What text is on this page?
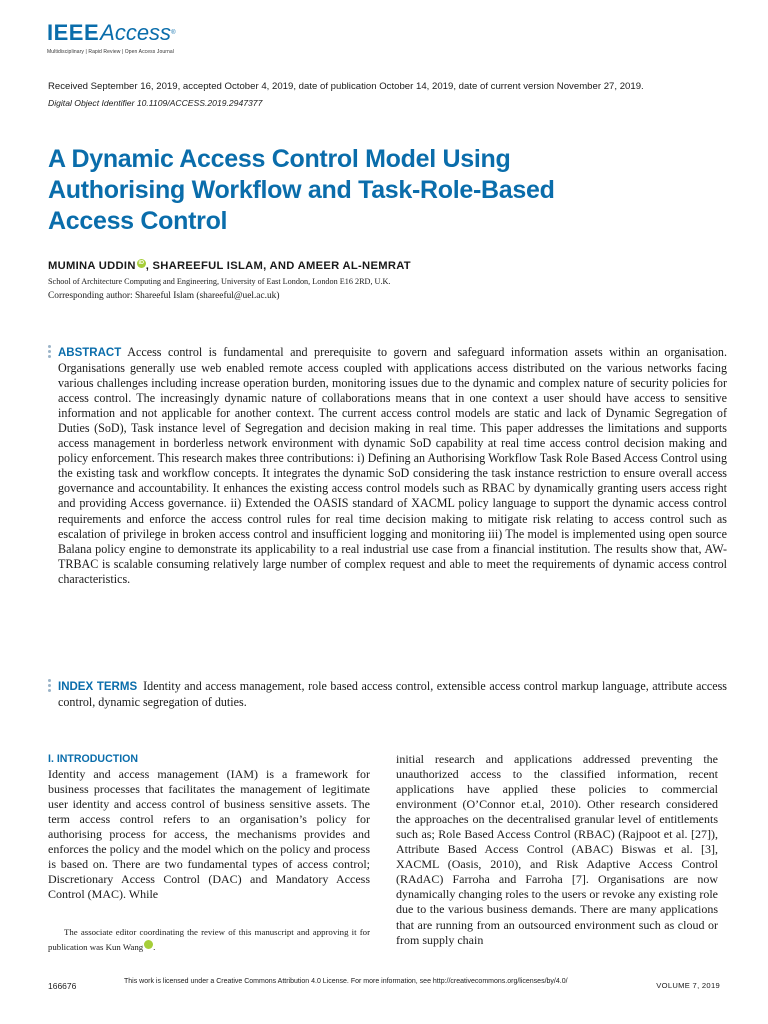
IEEEAccess®
Multidisciplinary | Rapid Review | Open Access Journal
Received September 16, 2019, accepted October 4, 2019, date of publication October 14, 2019, date of current version November 27, 2019.
Digital Object Identifier 10.1109/ACCESS.2019.2947377
A Dynamic Access Control Model Using
Authorising Workflow and Task-Role-Based
Access Control
MUMINA UDDIN iD , SHAREEFUL ISLAM, AND AMEER AL-NEMRAT
School of Architecture Computing and Engineering, University of East London, London E16 2RD, U.K.
Corresponding author: Shareeful Islam (shareeful@uel.ac.uk)

ABSTRACT Access control is fundamental and prerequisite to govern and safeguard information assets within an organisation. Organisations generally use web enabled remote access coupled with applications access distributed on the various networks facing various challenges including increase operation burden, monitoring issues due to the dynamic and complex nature of security policies for access control. The increasingly dynamic nature of collaborations means that in one context a user should have access to sensitive information and not applicable for another context. The current access control models are static and lack of Dynamic Segregation of Duties (SoD), Task instance level of Segregation and decision making in real time. This paper addresses the limitations and supports access management in borderless network environment with dynamic SoD capability at real time access control decision making and policy enforcement. This research makes three contributions: i) Defining an Authorising Workflow Task Role Based Access Control using the existing task and workflow concepts. It integrates the dynamic SoD considering the task instance restriction to ensure overall access governance and accountability. It enhances the existing access control models such as RBAC by dynamically granting users access right and providing Access governance. ii) Extended the OASIS standard of XACML policy language to support the dynamic access control requirements and enforce the access control rules for real time decision making to mitigate risk relating to access control such as escalation of privilege in broken access control and insufficient logging and monitoring iii) The model is implemented using open source Balana policy engine to demonstrate its applicability to a real industrial use case from a financial institution. The results show that, AW-TRBAC is scalable consuming relatively large number of complex request and able to meet the requirements of dynamic access control characteristics.

INDEX TERMS Identity and access management, role based access control, extensible access control markup language, attribute access control, dynamic segregation of duties.

I. INTRODUCTION

Identity and access management (IAM) is a framework for business processes that facilitates the management of legitimate user identity and access control of business sensitive assets. The term access control refers to an organisation’s policy for authorising process for access, the mechanisms provides and enforces the policy and the model which on the policy and process is based on. There are two fundamental types of access control; Discretionary Access Control (DAC) and Mandatory Access Control (MAC). While

The associate editor coordinating the review of this manuscript and approving it for publication was Kun Wang	iD.

initial research and applications addressed preventing the unauthorized access to the classified information, recent applications have applied these policies to commercial environment (O’Connor et.al, 2010). Other research considered the approaches on the decentralised granular level of entitlements such as; Role Based Access Control (RBAC) (Rajpoot et al. [27]), Attribute Based Access Control (ABAC) Biswas et al. [3], XACML (Oasis, 2010), and Risk Adaptive Access Control (RAdAC) Farroha and Farroha [7]. Organisations are now dynamically changing roles to the users or revoke any existing role due to the various business demands. There are many applications that are running from an outsourced environment such as cloud or from supply chain

166676	This work is licensed under a Creative Commons Attribution 4.0 License. For more information, see http://creativecommons.org/licenses/by/4.0/	VOLUME 7, 2019
